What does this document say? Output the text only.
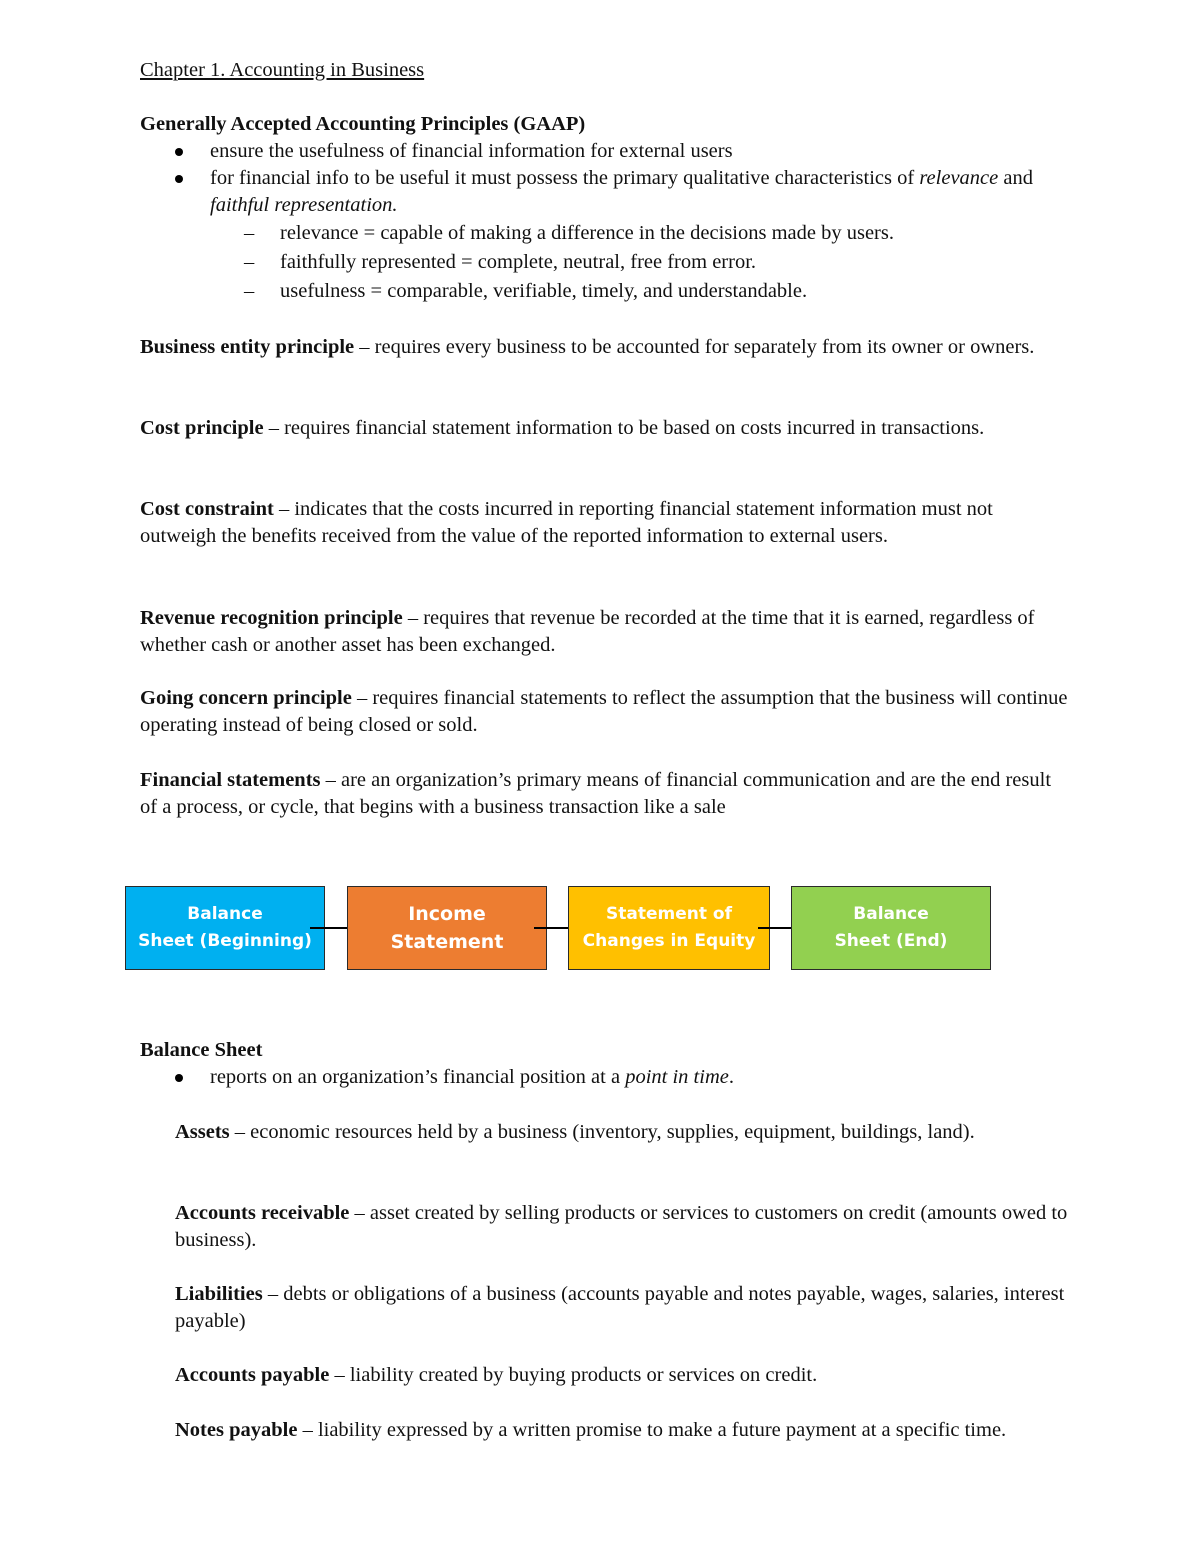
Chapter 1. Accounting in Business
Generally Accepted Accounting Principles (GAAP)
ensure the usefulness of financial information for external users
for financial info to be useful it must possess the primary qualitative characteristics of relevance and faithful representation.
– relevance = capable of making a difference in the decisions made by users.
– faithfully represented = complete, neutral, free from error.
– usefulness = comparable, verifiable, timely, and understandable.
Business entity principle – requires every business to be accounted for separately from its owner or owners.
Cost principle – requires financial statement information to be based on costs incurred in transactions.
Cost constraint – indicates that the costs incurred in reporting financial statement information must not outweigh the benefits received from the value of the reported information to external users.
Revenue recognition principle – requires that revenue be recorded at the time that it is earned, regardless of whether cash or another asset has been exchanged.
Going concern principle – requires financial statements to reflect the assumption that the business will continue operating instead of being closed or sold.
Financial statements – are an organization’s primary means of financial communication and are the end result of a process, or cycle, that begins with a business transaction like a sale
Balance
Sheet (Beginning)
Income
Statement
Statement of
Changes in Equity
Balance
Sheet (End)
Balance Sheet
reports on an organization’s financial position at a point in time.
Assets – economic resources held by a business (inventory, supplies, equipment, buildings, land).
Accounts receivable – asset created by selling products or services to customers on credit (amounts owed to business).
Liabilities – debts or obligations of a business (accounts payable and notes payable, wages, salaries, interest payable)
Accounts payable – liability created by buying products or services on credit.
Notes payable – liability expressed by a written promise to make a future payment at a specific time.
